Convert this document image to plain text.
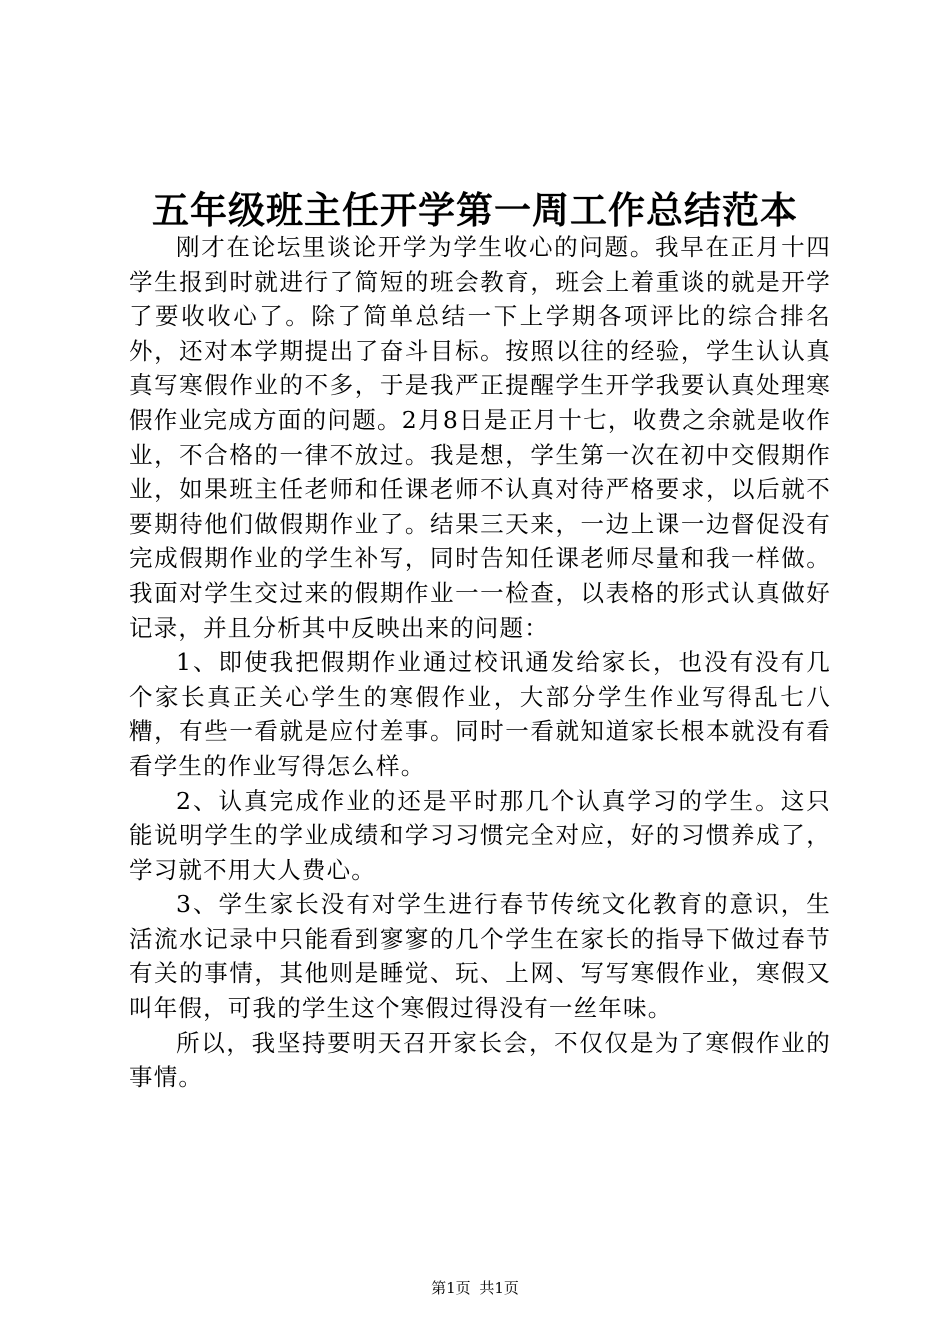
五年级班主任开学第一周工作总结范本

刚才在论坛里谈论开学为学生收心的问题。我早在正月十四学生报到时就进行了简短的班会教育，班会上着重谈的就是开学了要收收心了。除了简单总结一下上学期各项评比的综合排名外，还对本学期提出了奋斗目标。按照以往的经验，学生认认真真写寒假作业的不多，于是我严正提醒学生开学我要认真处理寒假作业完成方面的问题。2月8日是正月十七，收费之余就是收作业，不合格的一律不放过。我是想，学生第一次在初中交假期作业，如果班主任老师和任课老师不认真对待严格要求，以后就不要期待他们做假期作业了。结果三天来，一边上课一边督促没有完成假期作业的学生补写，同时告知任课老师尽量和我一样做。我面对学生交过来的假期作业一一检查，以表格的形式认真做好记录，并且分析其中反映出来的问题：

1、即使我把假期作业通过校讯通发给家长，也没有没有几个家长真正关心学生的寒假作业，大部分学生作业写得乱七八糟，有些一看就是应付差事。同时一看就知道家长根本就没有看看学生的作业写得怎么样。

2、认真完成作业的还是平时那几个认真学习的学生。这只能说明学生的学业成绩和学习习惯完全对应，好的习惯养成了，学习就不用大人费心。

3、学生家长没有对学生进行春节传统文化教育的意识，生活流水记录中只能看到寥寥的几个学生在家长的指导下做过春节有关的事情，其他则是睡觉、玩、上网、写写寒假作业，寒假又叫年假，可我的学生这个寒假过得没有一丝年味。

所以，我坚持要明天召开家长会，不仅仅是为了寒假作业的事情。

第1页 共1页
